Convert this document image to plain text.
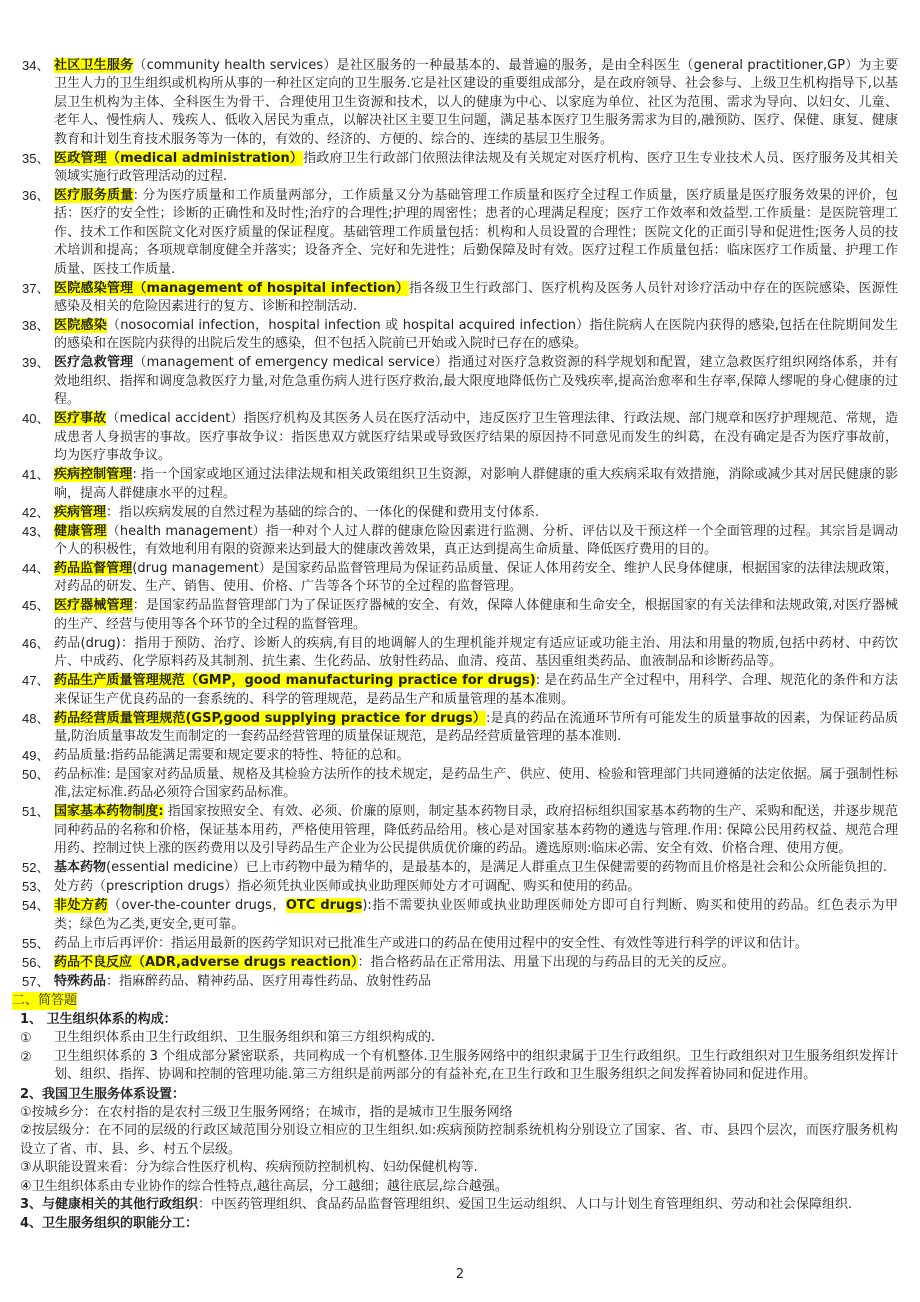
34、 社区卫生服务（community health services）是社区服务的一种最基本的、最普遍的服务，是由全科医生（general practitioner,GP）为主要卫生人力的卫生组织或机构所从事的一种社区定向的卫生服务.它是社区建设的重要组成部分，是在政府领导、社会参与、上级卫生机构指导下,以基层卫生机构为主体、全科医生为骨干、合理使用卫生资源和技术，以人的健康为中心、以家庭为单位、社区为范围、需求为导向、以妇女、儿童、老年人、慢性病人、残疾人、低收入居民为重点，以解决社区主要卫生问题，满足基本医疗卫生服务需求为目的,融预防、医疗、保健、康复、健康教育和计划生育技术服务等为一体的，有效的、经济的、方便的、综合的、连续的基层卫生服务。
35、 医政管理（medical administration）指政府卫生行政部门依照法律法规及有关规定对医疗机构、医疗卫生专业技术人员、医疗服务及其相关领域实施行政管理活动的过程.
36、 医疗服务质量: 分为医疗质量和工作质量两部分，工作质量又分为基础管理工作质量和医疗全过程工作质量，医疗质量是医疗服务效果的评价，包括：医疗的安全性；诊断的正确性和及时性;治疗的合理性;护理的周密性；患者的心理满足程度；医疗工作效率和效益型.工作质量：是医院管理工作、技术工作和医院文化对医疗质量的保证程度。基础管理工作质量包括：机构和人员设置的合理性；医院文化的正面引导和促进性;医务人员的技术培训和提高；各项规章制度健全并落实；设备齐全、完好和先进性；后勤保障及时有效。医疗过程工作质量包括：临床医疗工作质量、护理工作质量、医技工作质量.
37、 医院感染管理（management of hospital infection）指各级卫生行政部门、医疗机构及医务人员针对诊疗活动中存在的医院感染、医源性感染及相关的危险因素进行的复方、诊断和控制活动.
38、 医院感染（nosocomial infection，hospital infection 或 hospital acquired infection）指住院病人在医院内获得的感染,包括在住院期间发生的感染和在医院内获得的出院后发生的感染，但不包括入院前已开始或入院时已存在的感染。
39、 医疗急救管理（management of emergency medical service）指通过对医疗急救资源的科学规划和配置，建立急救医疗组织网络体系，并有效地组织、指挥和调度急救医疗力量,对危急重伤病人进行医疗救治,最大限度地降低伤亡及残疾率,提高治愈率和生存率,保障人缪呢的身心健康的过程。
40、 医疗事故（medical accident）指医疗机构及其医务人员在医疗活动中，违反医疗卫生管理法律、行政法规、部门规章和医疗护理规范、常规，造成患者人身损害的事故。医疗事故争议：指医患双方就医疗结果或导致医疗结果的原因持不同意见而发生的纠葛，在没有确定是否为医疗事故前，均为医疗事故争议。
41、 疾病控制管理: 指一个国家或地区通过法律法规和相关政策组织卫生资源，对影响人群健康的重大疾病采取有效措施，消除或减少其对居民健康的影响，提高人群健康水平的过程。
42、 疾病管理：指以疾病发展的自然过程为基础的综合的、一体化的保健和费用支付体系.
43、 健康管理（health management）指一种对个人过人群的健康危险因素进行监测、分析、评估以及干预这样一个全面管理的过程。其宗旨是调动个人的积极性，有效地利用有限的资源来达到最大的健康改善效果，真正达到提高生命质量、降低医疗费用的目的。
44、 药品监督管理(drug management）是国家药品监督管理局为保证药品质量、保证人体用药安全、维护人民身体健康，根据国家的法律法规政策，对药品的研发、生产、销售、使用、价格、广告等各个环节的全过程的监督管理。
45、 医疗器械管理：是国家药品监督管理部门为了保证医疗器械的安全、有效，保障人体健康和生命安全，根据国家的有关法律和法规政策,对医疗器械的生产、经营与使用等各个环节的全过程的监督管理。
46、 药品(drug)：指用于预防、治疗、诊断人的疾病,有目的地调解人的生理机能并规定有适应证或功能主治、用法和用量的物质,包括中药材、中药饮片、中成药、化学原料药及其制剂、抗生素、生化药品、放射性药品、血清、疫苗、基因重组类药品、血液制品和诊断药品等。
47、 药品生产质量管理规范（GMP，good manufacturing practice for drugs): 是在药品生产全过程中，用科学、合理、规范化的条件和方法来保证生产优良药品的一套系统的、科学的管理规范，是药品生产和质量管理的基本准则。
48、 药品经营质量管理规范(GSP,good supplying practice for drugs）:是真的药品在流通环节所有可能发生的质量事故的因素，为保证药品质量,防治质量事故发生而制定的一套药品经营管理的质量保证规范，是药品经营质量管理的基本准则.
49、 药品质量:指药品能满足需要和规定要求的特性、特征的总和。
50、 药品标准: 是国家对药品质量、规格及其检验方法所作的技术规定，是药品生产、供应、使用、检验和管理部门共同遵循的法定依据。属于强制性标准,法定标准.药品必须符合国家药品标准。
51、 国家基本药物制度: 指国家按照安全、有效、必须、价廉的原则，制定基本药物目录，政府招标组织国家基本药物的生产、采购和配送，并逐步规范同种药品的名称和价格，保证基本用药，严格使用管理，降低药品给用。核心是对国家基本药物的遴选与管理.作用: 保障公民用药权益、规范合理用药、控制过快上涨的医药费用以及引导药品生产企业为公民提供质优价廉的药品。遴选原则:临床必需、安全有效、价格合理、使用方便。
52、 基本药物(essential medicine）已上市药物中最为精华的，是最基本的，是满足人群重点卫生保健需要的药物而且价格是社会和公众所能负担的.
53、 处方药（prescription drugs）指必须凭执业医师或执业助理医师处方才可调配、购买和使用的药品。
54、 非处方药（over-the-counter drugs，OTC drugs):指不需要执业医师或执业助理医师处方即可自行判断、购买和使用的药品。红色表示为甲类；绿色为乙类,更安全,更可靠。
55、 药品上市后再评价：指运用最新的医药学知识对已批准生产或进口的药品在使用过程中的安全性、有效性等进行科学的评议和估计。
56、 药品不良反应（ADR,adverse drugs reaction）：指合格药品在正常用法、用量下出现的与药品目的无关的反应。
57、 特殊药品：指麻醉药品、精神药品、医疗用毒性药品、放射性药品
二、简答题
1、 卫生组织体系的构成：
① 卫生组织体系由卫生行政组织、卫生服务组织和第三方组织构成的.
② 卫生组织体系的 3 个组成部分紧密联系，共同构成一个有机整体.卫生服务网络中的组织隶属于卫生行政组织。卫生行政组织对卫生服务组织发挥计划、组织、指挥、协调和控制的管理功能.第三方组织是前两部分的有益补充,在卫生行政和卫生服务组织之间发挥着协同和促进作用。
2、我国卫生服务体系设置：
①按城乡分：在农村指的是农村三级卫生服务网络；在城市，指的是城市卫生服务网络
②按层级分：在不同的层级的行政区域范围分别设立相应的卫生组织.如:疾病预防控制系统机构分别设立了国家、省、市、县四个层次，而医疗服务机构设立了省、市、县、乡、村五个层级。
③从职能设置来看：分为综合性医疗机构、疾病预防控制机构、妇幼保健机构等.
④卫生组织体系由专业协作的综合性特点,越往高层，分工越细；越往底层,综合越强。
3、与健康相关的其他行政组织：中医药管理组织、食品药品监督管理组织、爱国卫生运动组织、人口与计划生育管理组织、劳动和社会保障组织.
4、卫生服务组织的职能分工：
2
